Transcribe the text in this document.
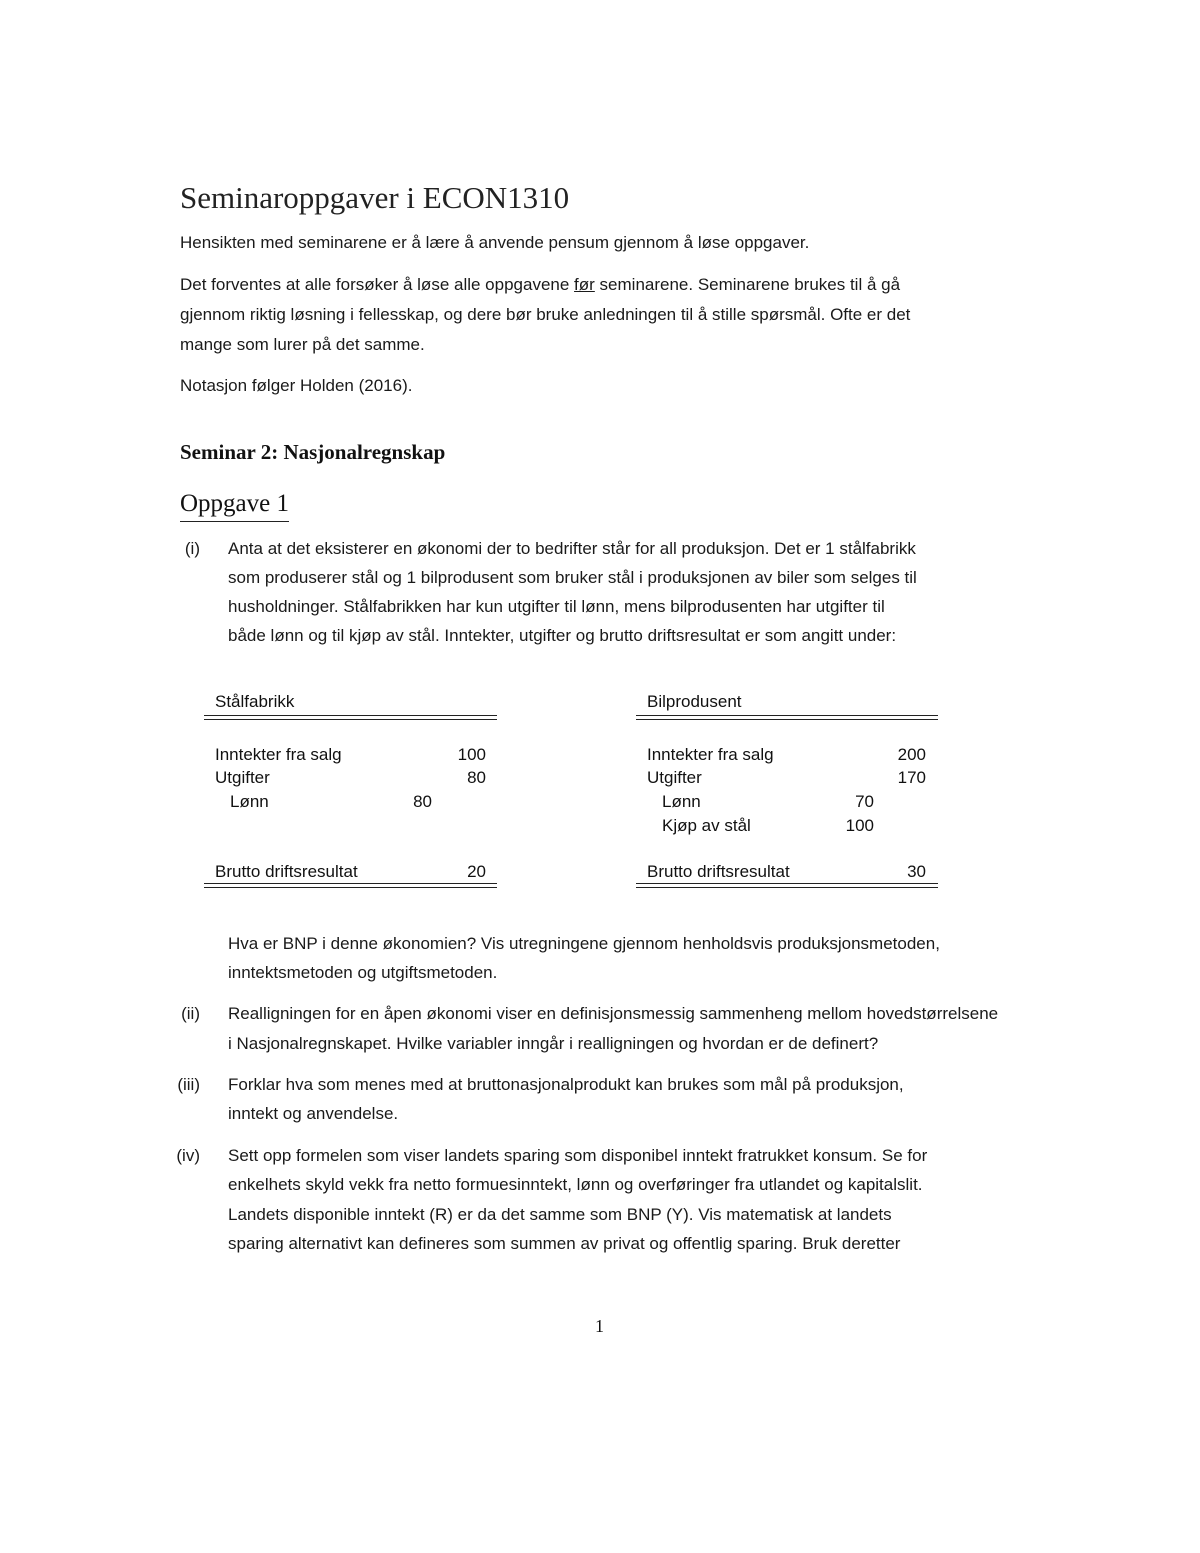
Seminaroppgaver i ECON1310
Hensikten med seminarene er å lære å anvende pensum gjennom å løse oppgaver.
Det forventes at alle forsøker å løse alle oppgavene før seminarene. Seminarene brukes til å gå
gjennom riktig løsning i fellesskap, og dere bør bruke anledningen til å stille spørsmål. Ofte er det
mange som lurer på det samme.
Notasjon følger Holden (2016).
Seminar 2: Nasjonalregnskap
Oppgave 1
(i) Anta at det eksisterer en økonomi der to bedrifter står for all produksjon. Det er 1 stålfabrikk
som produserer stål og 1 bilprodusent som bruker stål i produksjonen av biler som selges til
husholdninger. Stålfabrikken har kun utgifter til lønn, mens bilprodusenten har utgifter til
både lønn og til kjøp av stål. Inntekter, utgifter og brutto driftsresultat er som angitt under:
Stålfabrikk
Inntekter fra salg	100
Utgifter	80
Lønn	80
Brutto driftsresultat	20
Bilprodusent
Inntekter fra salg	200
Utgifter	170
Lønn	70
Kjøp av stål	100
Brutto driftsresultat	30
Hva er BNP i denne økonomien? Vis utregningene gjennom henholdsvis produksjonsmetoden,
inntektsmetoden og utgiftsmetoden.
(ii) Realligningen for en åpen økonomi viser en definisjonsmessig sammenheng mellom hovedstørrelsene
i Nasjonalregnskapet. Hvilke variabler inngår i realligningen og hvordan er de definert?
(iii) Forklar hva som menes med at bruttonasjonalprodukt kan brukes som mål på produksjon,
inntekt og anvendelse.
(iv) Sett opp formelen som viser landets sparing som disponibel inntekt fratrukket konsum. Se for
enkelhets skyld vekk fra netto formuesinntekt, lønn og overføringer fra utlandet og kapitalslit.
Landets disponible inntekt (R) er da det samme som BNP (Y). Vis matematisk at landets
sparing alternativt kan defineres som summen av privat og offentlig sparing. Bruk deretter
1
